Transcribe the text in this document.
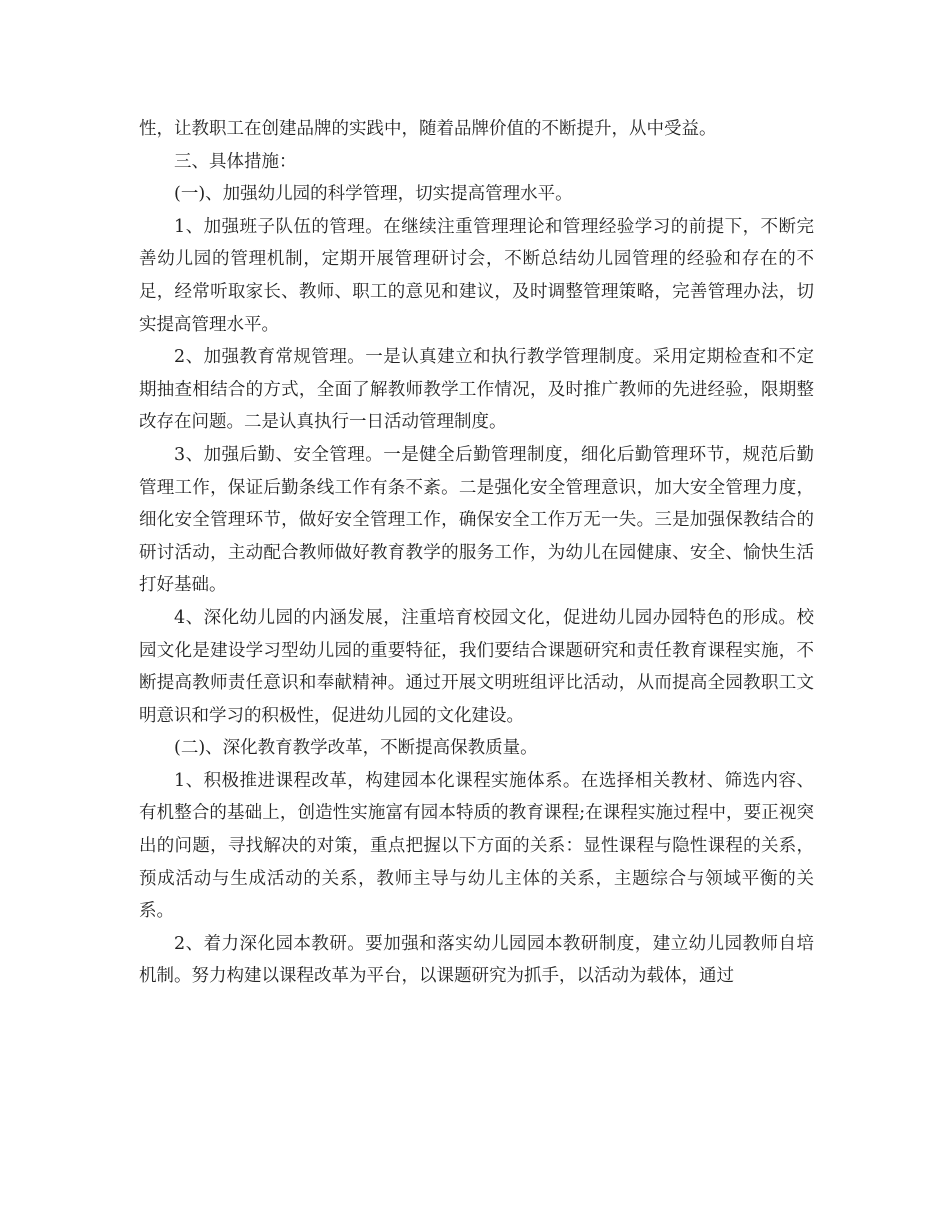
性，让教职工在创建品牌的实践中，随着品牌价值的不断提升，从中受益。

三、具体措施：

(一)、加强幼儿园的科学管理，切实提高管理水平。

1、加强班子队伍的管理。在继续注重管理理论和管理经验学习的前提下，不断完善幼儿园的管理机制，定期开展管理研讨会，不断总结幼儿园管理的经验和存在的不足，经常听取家长、教师、职工的意见和建议，及时调整管理策略，完善管理办法，切实提高管理水平。

2、加强教育常规管理。一是认真建立和执行教学管理制度。采用定期检查和不定期抽查相结合的方式，全面了解教师教学工作情况，及时推广教师的先进经验，限期整改存在问题。二是认真执行一日活动管理制度。

3、加强后勤、安全管理。一是健全后勤管理制度，细化后勤管理环节，规范后勤管理工作，保证后勤条线工作有条不紊。二是强化安全管理意识，加大安全管理力度，细化安全管理环节，做好安全管理工作，确保安全工作万无一失。三是加强保教结合的研讨活动，主动配合教师做好教育教学的服务工作，为幼儿在园健康、安全、愉快生活打好基础。

4、深化幼儿园的内涵发展，注重培育校园文化，促进幼儿园办园特色的形成。校园文化是建设学习型幼儿园的重要特征，我们要结合课题研究和责任教育课程实施，不断提高教师责任意识和奉献精神。通过开展文明班组评比活动，从而提高全园教职工文明意识和学习的积极性，促进幼儿园的文化建设。

(二)、深化教育教学改革，不断提高保教质量。

1、积极推进课程改革，构建园本化课程实施体系。在选择相关教材、筛选内容、有机整合的基础上，创造性实施富有园本特质的教育课程;在课程实施过程中，要正视突出的问题，寻找解决的对策，重点把握以下方面的关系：显性课程与隐性课程的关系，预成活动与生成活动的关系，教师主导与幼儿主体的关系，主题综合与领域平衡的关系。

2、着力深化园本教研。要加强和落实幼儿园园本教研制度，建立幼儿园教师自培机制。努力构建以课程改革为平台，以课题研究为抓手，以活动为载体，通过
